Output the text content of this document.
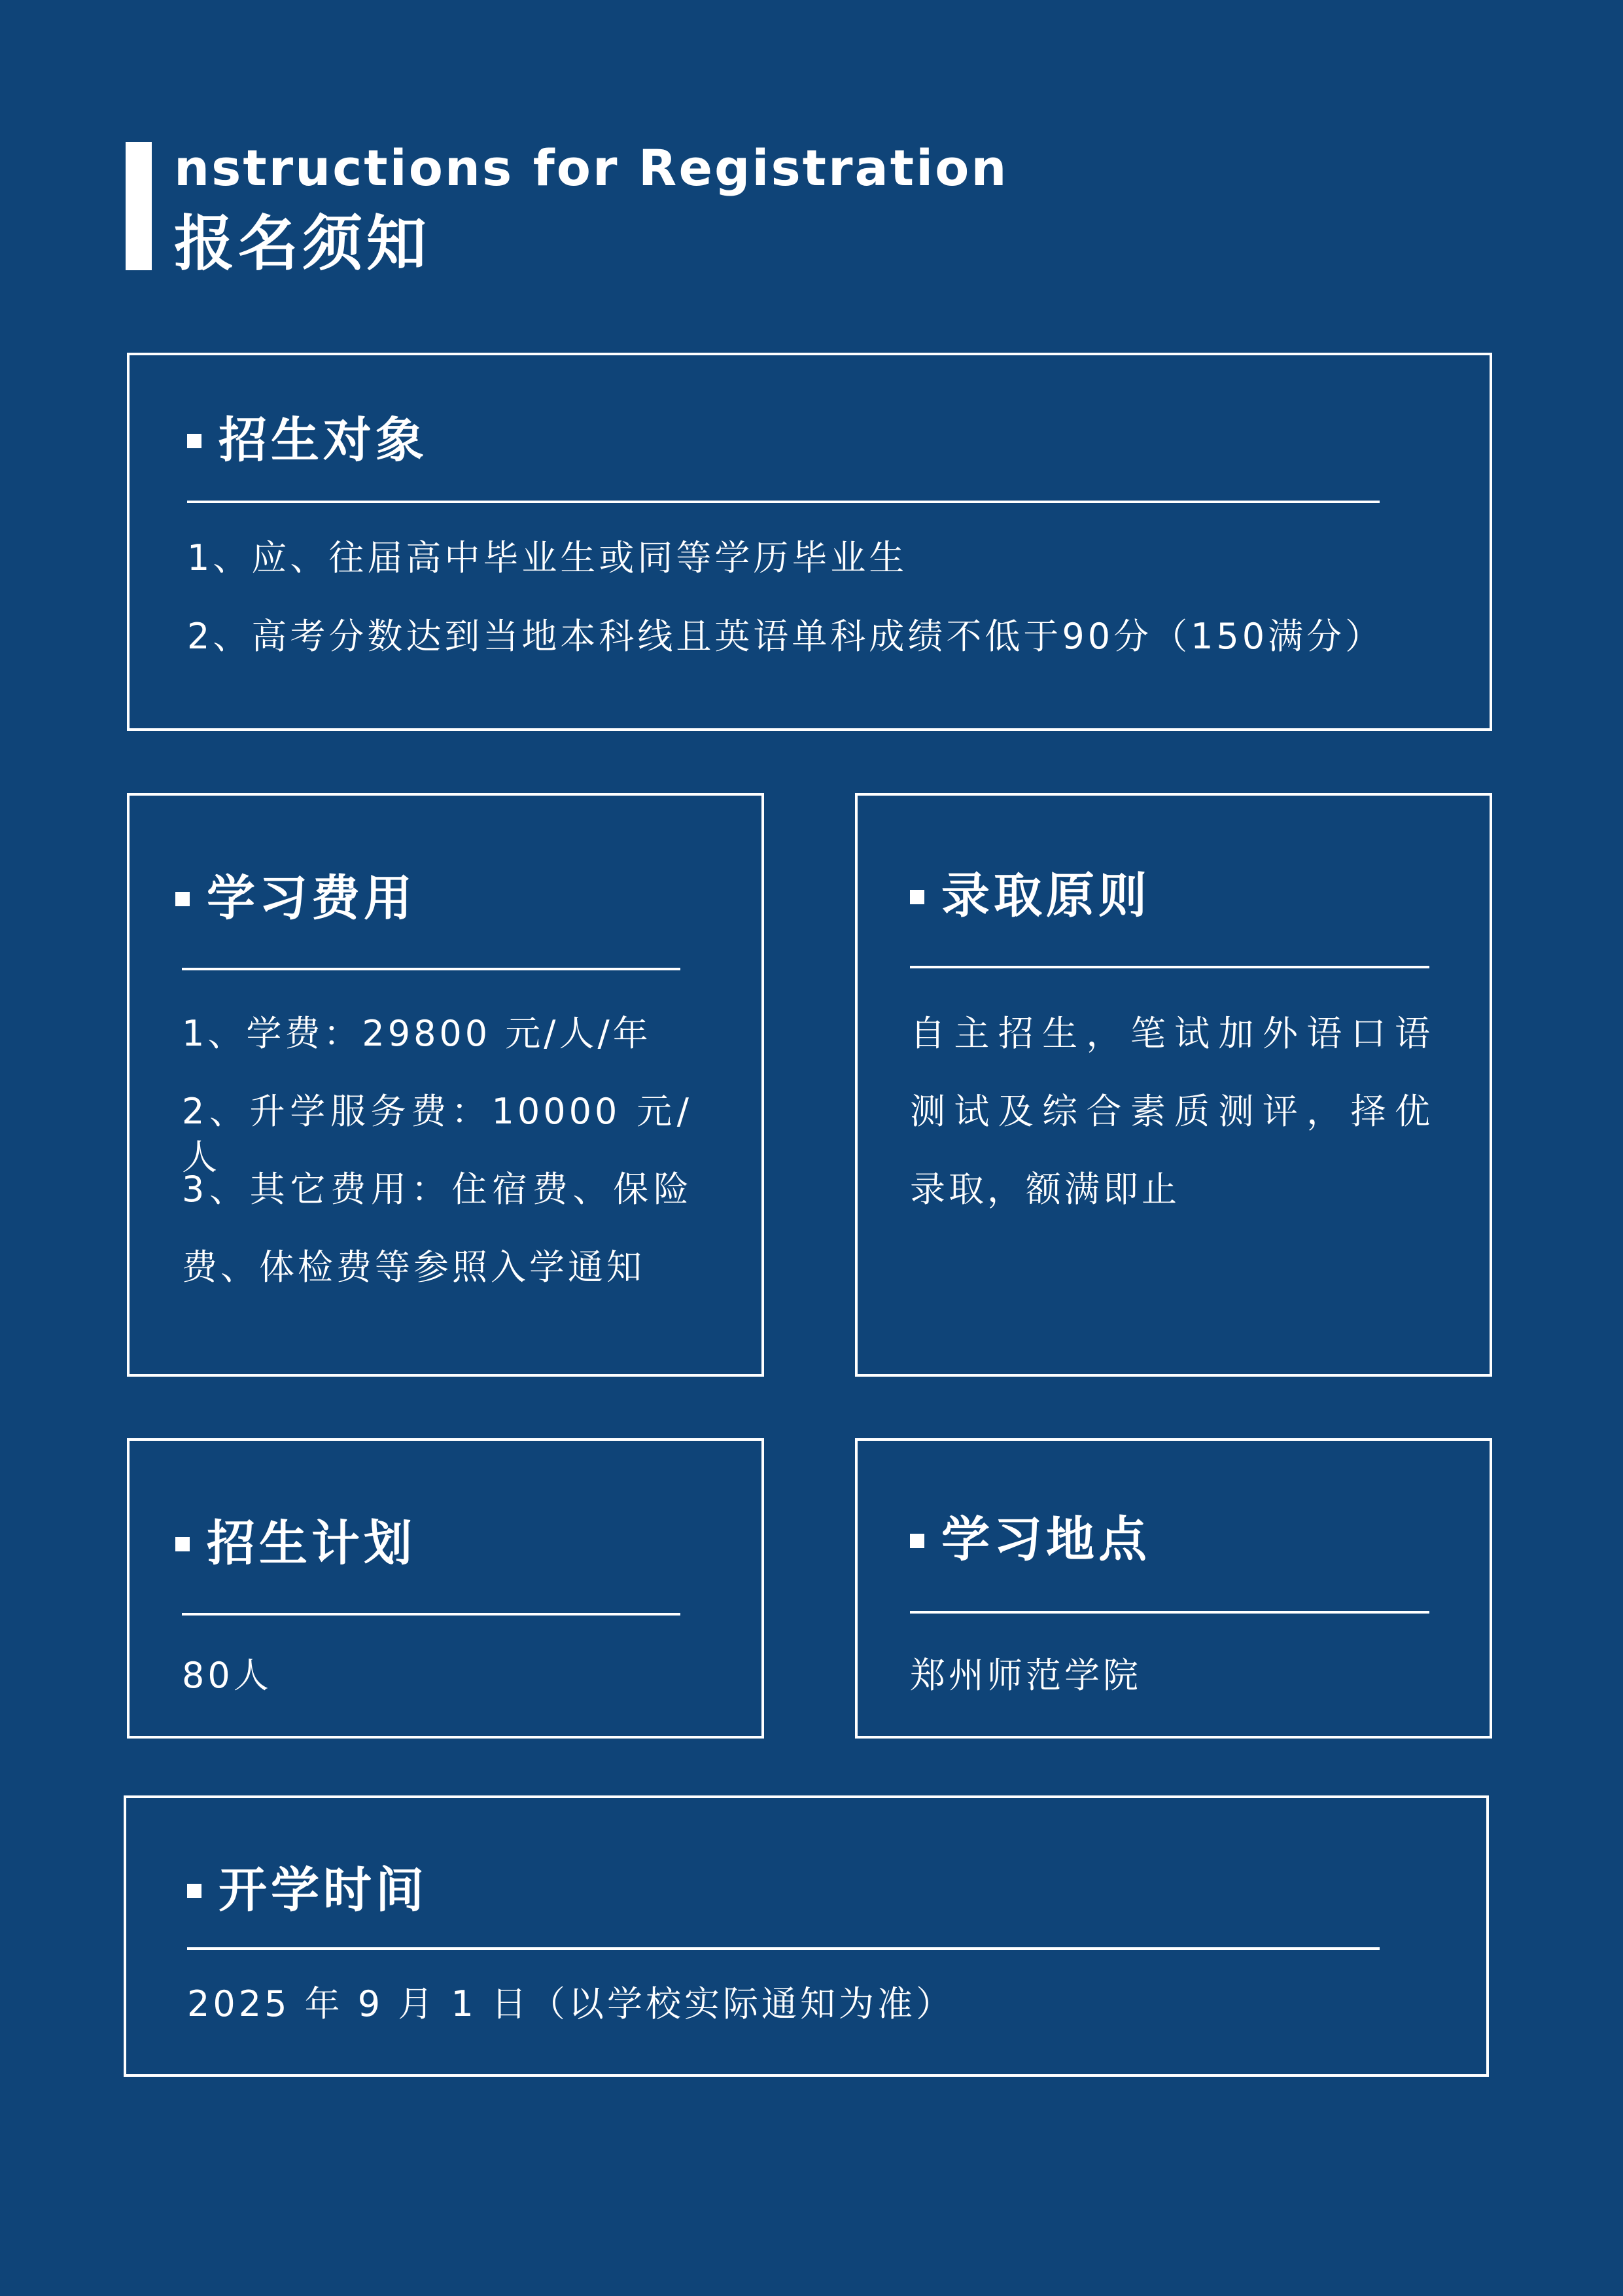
nstructions for Registration
报名须知
招生对象
1、应、往届高中毕业生或同等学历毕业生
2、高考分数达到当地本科线且英语单科成绩不低于90分（150满分）
学习费用
1、学费：29800 元/人/年
2、升学服务费：10000 元/人
3、其它费用：住宿费、保险
费、体检费等参照入学通知
录取原则
自主招生，笔试加外语口语
测试及综合素质测评，择优
录取，额满即止
招生计划
80人
学习地点
郑州师范学院
开学时间
2025 年 9 月 1 日（以学校实际通知为准）
